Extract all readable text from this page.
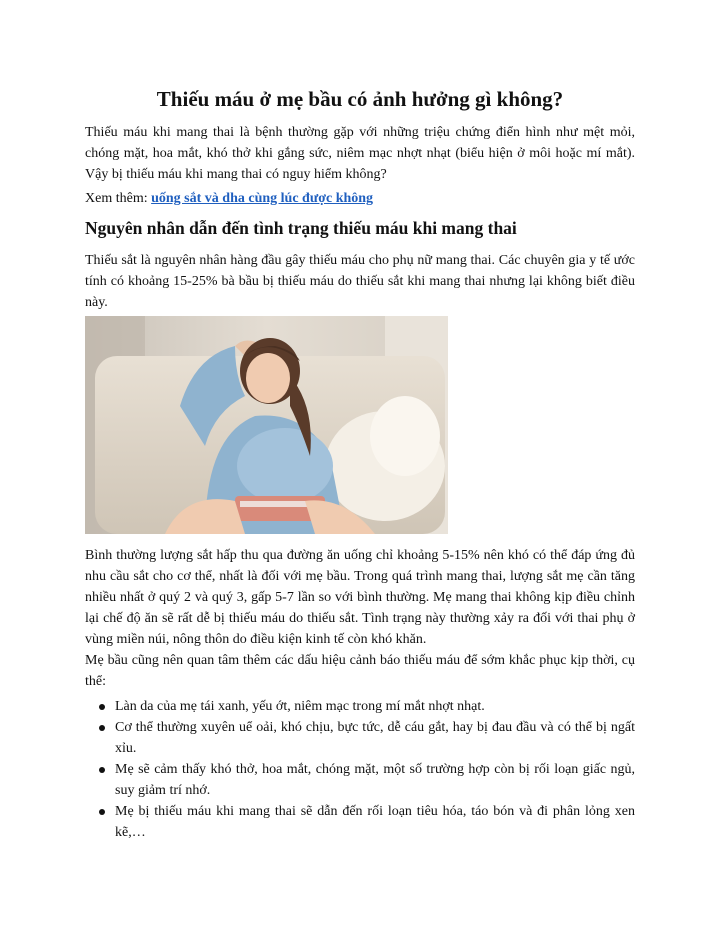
Thiếu máu ở mẹ bầu có ảnh hưởng gì không?

Thiếu máu khi mang thai là bệnh thường gặp với những triệu chứng điển hình như mệt mỏi, chóng mặt, hoa mắt, khó thở khi gắng sức, niêm mạc nhợt nhạt (biểu hiện ở môi hoặc mí mắt). Vậy bị thiếu máu khi mang thai có nguy hiểm không?

Xem thêm: uống sắt và dha cùng lúc được không

Nguyên nhân dẫn đến tình trạng thiếu máu khi mang thai

Thiếu sắt là nguyên nhân hàng đầu gây thiếu máu cho phụ nữ mang thai. Các chuyên gia y tế ước tính có khoảng 15-25% bà bầu bị thiếu máu do thiếu sắt khi mang thai nhưng lại không biết điều này.

Bình thường lượng sắt hấp thu qua đường ăn uống chỉ khoảng 5-15% nên khó có thể đáp ứng đủ nhu cầu sắt cho cơ thể, nhất là đối với mẹ bầu. Trong quá trình mang thai, lượng sắt mẹ cần tăng nhiều nhất ở quý 2 và quý 3, gấp 5-7 lần so với bình thường. Mẹ mang thai không kịp điều chỉnh lại chế độ ăn sẽ rất dễ bị thiếu máu do thiếu sắt. Tình trạng này thường xảy ra đối với thai phụ ở vùng miền núi, nông thôn do điều kiện kinh tế còn khó khăn.

Mẹ bầu cũng nên quan tâm thêm các dấu hiệu cảnh báo thiếu máu để sớm khắc phục kịp thời, cụ thể:

Làn da của mẹ tái xanh, yếu ớt, niêm mạc trong mí mắt nhợt nhạt.
Cơ thể thường xuyên uể oải, khó chịu, bực tức, dễ cáu gắt, hay bị đau đầu và có thể bị ngất xỉu.
Mẹ sẽ cảm thấy khó thở, hoa mắt, chóng mặt, một số trường hợp còn bị rối loạn giấc ngủ, suy giảm trí nhớ.
Mẹ bị thiếu máu khi mang thai sẽ dẫn đến rối loạn tiêu hóa, táo bón và đi phân lỏng xen kẽ,…
